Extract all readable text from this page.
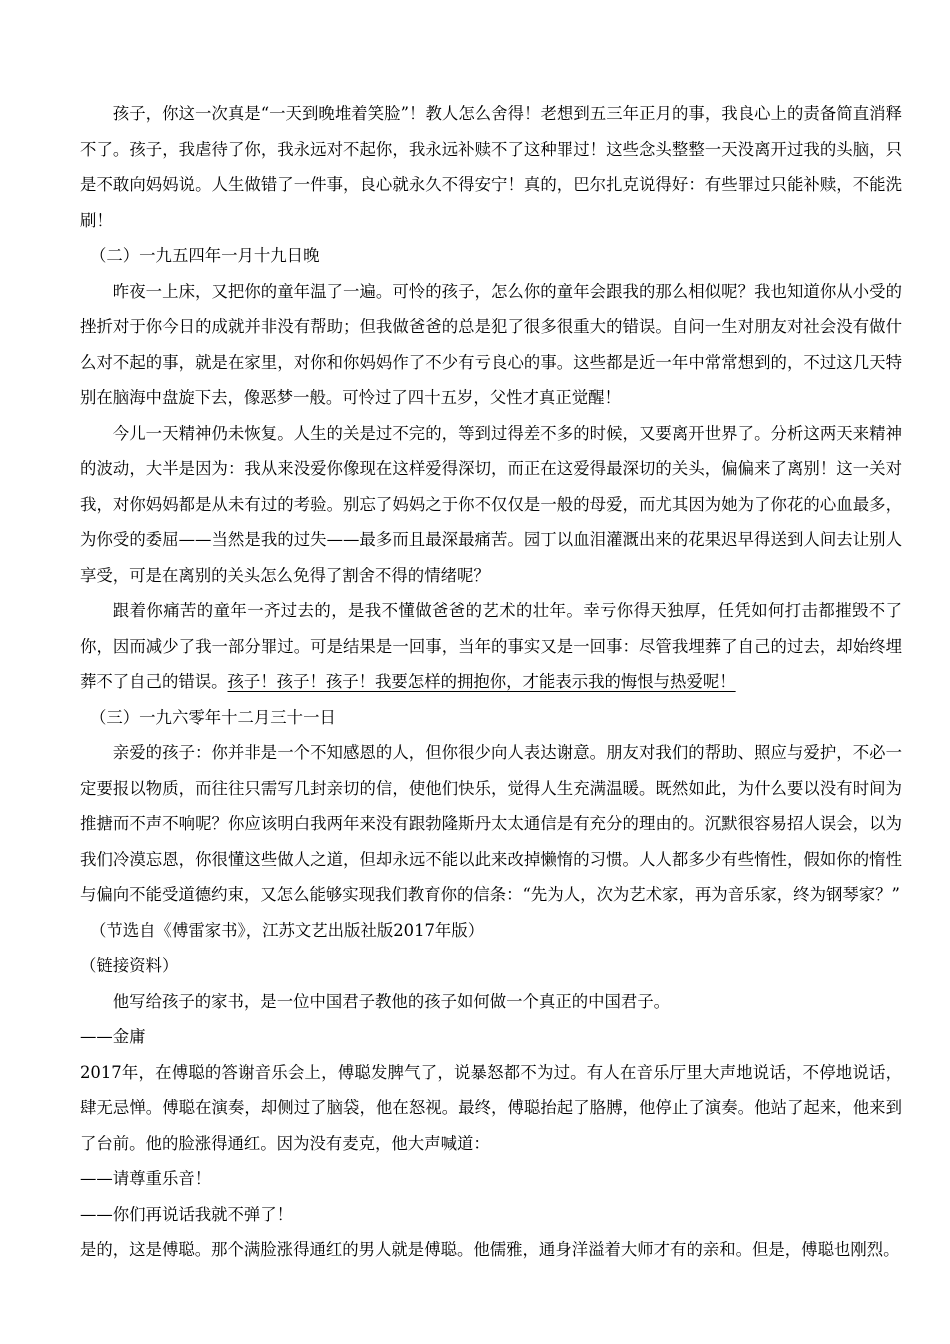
孩子，你这一次真是“一天到晚堆着笑脸”！教人怎么舍得！老想到五三年正月的事，我良心上的责备简直消释不了。孩子，我虐待了你，我永远对不起你，我永远补赎不了这种罪过！这些念头整整一天没离开过我的头脑，只是不敢向妈妈说。人生做错了一件事，良心就永久不得安宁！真的，巴尔扎克说得好：有些罪过只能补赎，不能洗刷！

（二）一九五四年一月十九日晚

昨夜一上床，又把你的童年温了一遍。可怜的孩子，怎么你的童年会跟我的那么相似呢？我也知道你从小受的挫折对于你今日的成就并非没有帮助；但我做爸爸的总是犯了很多很重大的错误。自问一生对朋友对社会没有做什么对不起的事，就是在家里，对你和你妈妈作了不少有亏良心的事。这些都是近一年中常常想到的，不过这几天特别在脑海中盘旋下去，像恶梦一般。可怜过了四十五岁，父性才真正觉醒！

今儿一天精神仍未恢复。人生的关是过不完的，等到过得差不多的时候，又要离开世界了。分析这两天来精神的波动，大半是因为：我从来没爱你像现在这样爱得深切，而正在这爱得最深切的关头，偏偏来了离别！这一关对我，对你妈妈都是从未有过的考验。别忘了妈妈之于你不仅仅是一般的母爱，而尤其因为她为了你花的心血最多，为你受的委屈——当然是我的过失——最多而且最深最痛苦。园丁以血泪灌溉出来的花果迟早得送到人间去让别人享受，可是在离别的关头怎么免得了割舍不得的情绪呢？

跟着你痛苦的童年一齐过去的，是我不懂做爸爸的艺术的壮年。幸亏你得天独厚，任凭如何打击都摧毁不了你，因而减少了我一部分罪过。可是结果是一回事，当年的事实又是一回事：尽管我埋葬了自己的过去，却始终埋葬不了自己的错误。孩子！孩子！孩子！我要怎样的拥抱你，才能表示我的悔恨与热爱呢！

（三）一九六零年十二月三十一日

亲爱的孩子：你并非是一个不知感恩的人，但你很少向人表达谢意。朋友对我们的帮助、照应与爱护，不必一定要报以物质，而往往只需写几封亲切的信，使他们快乐，觉得人生充满温暖。既然如此，为什么要以没有时间为推搪而不声不响呢？你应该明白我两年来没有跟勃隆斯丹太太通信是有充分的理由的。沉默很容易招人误会，以为我们冷漠忘恩，你很懂这些做人之道，但却永远不能以此来改掉懒惰的习惯。人人都多少有些惰性，假如你的惰性与偏向不能受道德约束，又怎么能够实现我们教育你的信条：“先为人，次为艺术家，再为音乐家，终为钢琴家？”

（节选自《傅雷家书》，江苏文艺出版社版2017年版）

（链接资料）

他写给孩子的家书，是一位中国君子教他的孩子如何做一个真正的中国君子。

——金庸

2017年，在傅聪的答谢音乐会上，傅聪发脾气了，说暴怒都不为过。有人在音乐厅里大声地说话，不停地说话，肆无忌惮。傅聪在演奏，却侧过了脑袋，他在怒视。最终，傅聪抬起了胳膊，他停止了演奏。他站了起来，他来到了台前。他的脸涨得通红。因为没有麦克，他大声喊道：

——请尊重乐音！

——你们再说话我就不弹了！

是的，这是傅聪。那个满脸涨得通红的男人就是傅聪。他儒雅，通身洋溢着大师才有的亲和。但是，傅聪也刚烈。
